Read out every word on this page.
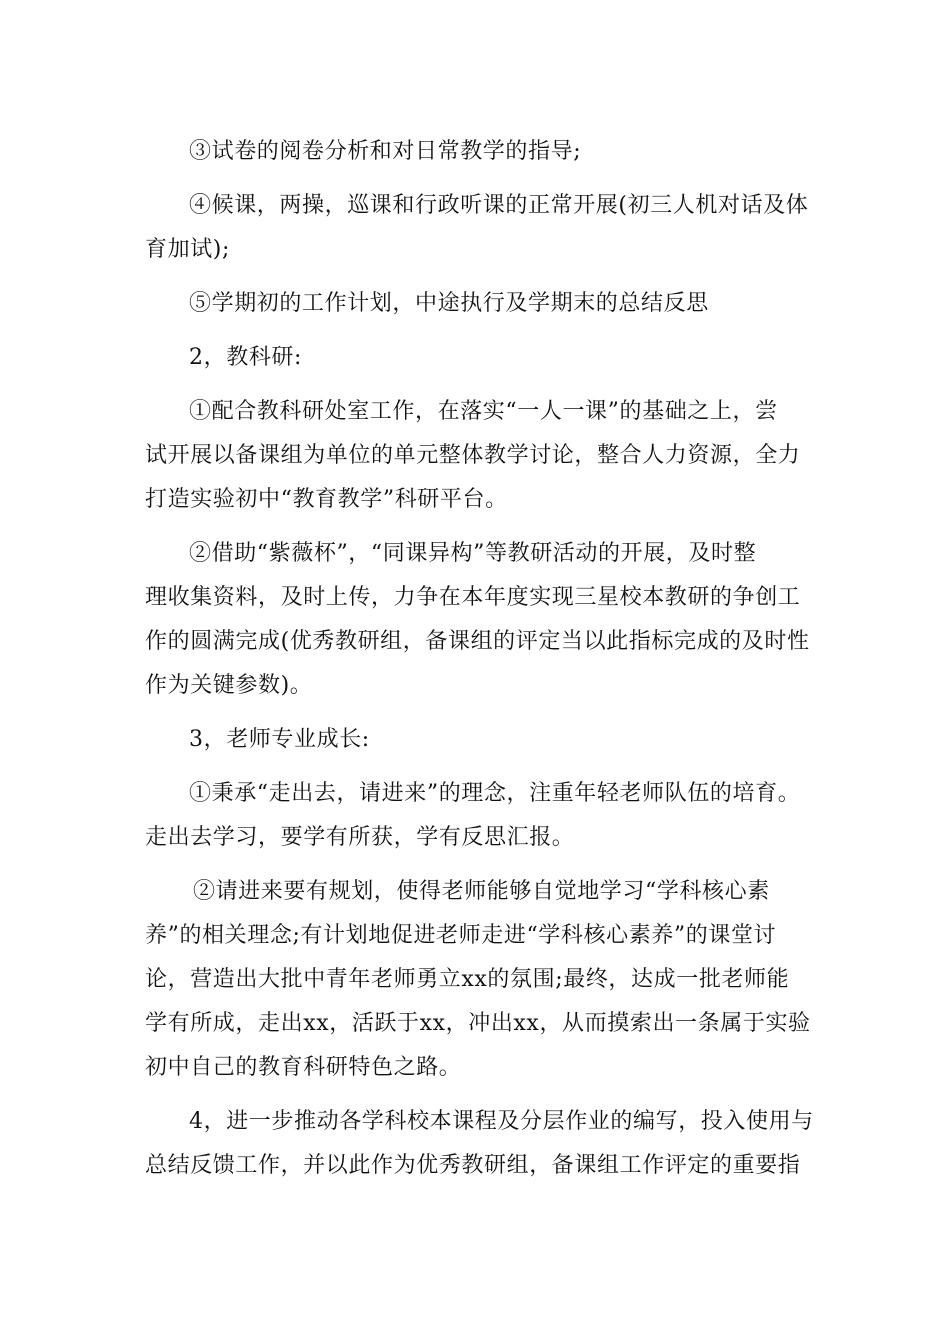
③试卷的阅卷分析和对日常教学的指导;
④候课，两操，巡课和行政听课的正常开展(初三人机对话及体
育加试);
⑤学期初的工作计划，中途执行及学期末的总结反思
2，教科研:
①配合教科研处室工作，在落实“一人一课”的基础之上，尝
试开展以备课组为单位的单元整体教学讨论，整合人力资源，全力
打造实验初中“教育教学”科研平台。
②借助“紫薇杯”，“同课异构”等教研活动的开展，及时整
理收集资料，及时上传，力争在本年度实现三星校本教研的争创工
作的圆满完成(优秀教研组，备课组的评定当以此指标完成的及时性
作为关键参数)。
3，老师专业成长:
①秉承“走出去，请进来”的理念，注重年轻老师队伍的培育。
走出去学习，要学有所获，学有反思汇报。
②请进来要有规划，使得老师能够自觉地学习“学科核心素
养”的相关理念;有计划地促进老师走进“学科核心素养”的课堂讨
论，营造出大批中青年老师勇立xx的氛围;最终，达成一批老师能
学有所成，走出xx，活跃于xx，冲出xx，从而摸索出一条属于实验
初中自己的教育科研特色之路。
4，进一步推动各学科校本课程及分层作业的编写，投入使用与
总结反馈工作，并以此作为优秀教研组，备课组工作评定的重要指
